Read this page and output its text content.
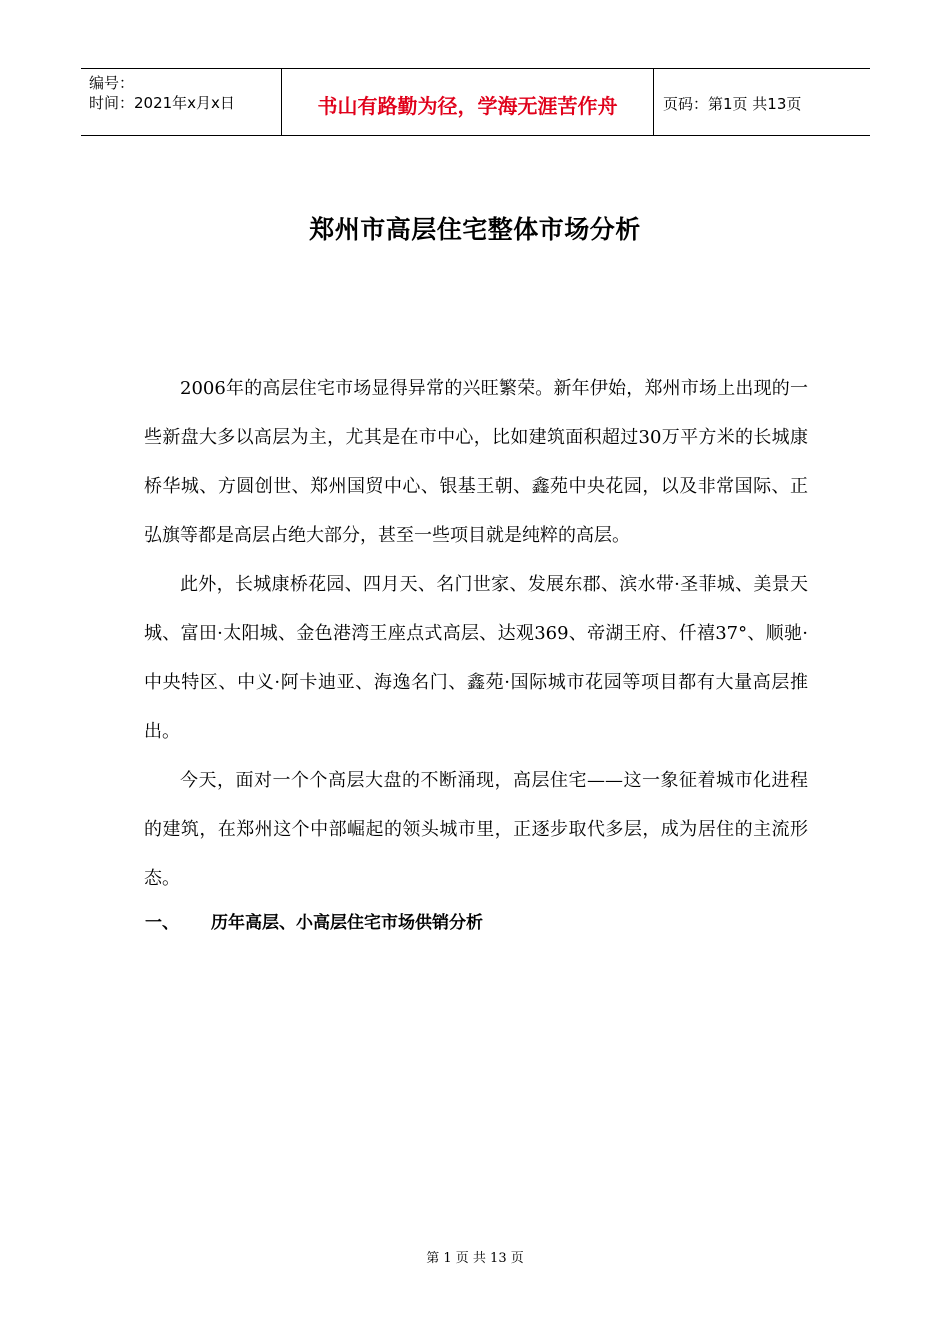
编号：
时间：2021年x月x日	书山有路勤为径，学海无涯苦作舟	页码：第1页 共13页
郑州市高层住宅整体市场分析

2006年的高层住宅市场显得异常的兴旺繁荣。新年伊始，郑州市场上出现的一些新盘大多以高层为主，尤其是在市中心，比如建筑面积超过30万平方米的长城康桥华城、方圆创世、郑州国贸中心、银基王朝、鑫苑中央花园，以及非常国际、正弘旗等都是高层占绝大部分，甚至一些项目就是纯粹的高层。

此外，长城康桥花园、四月天、名门世家、发展东郡、滨水带·圣菲城、美景天城、富田·太阳城、金色港湾王座点式高层、达观369、帝湖王府、仟禧37°、顺驰·中央特区、中义·阿卡迪亚、海逸名门、鑫苑·国际城市花园等项目都有大量高层推出。

今天，面对一个个高层大盘的不断涌现，高层住宅——这一象征着城市化进程的建筑，在郑州这个中部崛起的领头城市里，正逐步取代多层，成为居住的主流形态。

一、	历年高层、小高层住宅市场供销分析
第 1 页 共 13 页
